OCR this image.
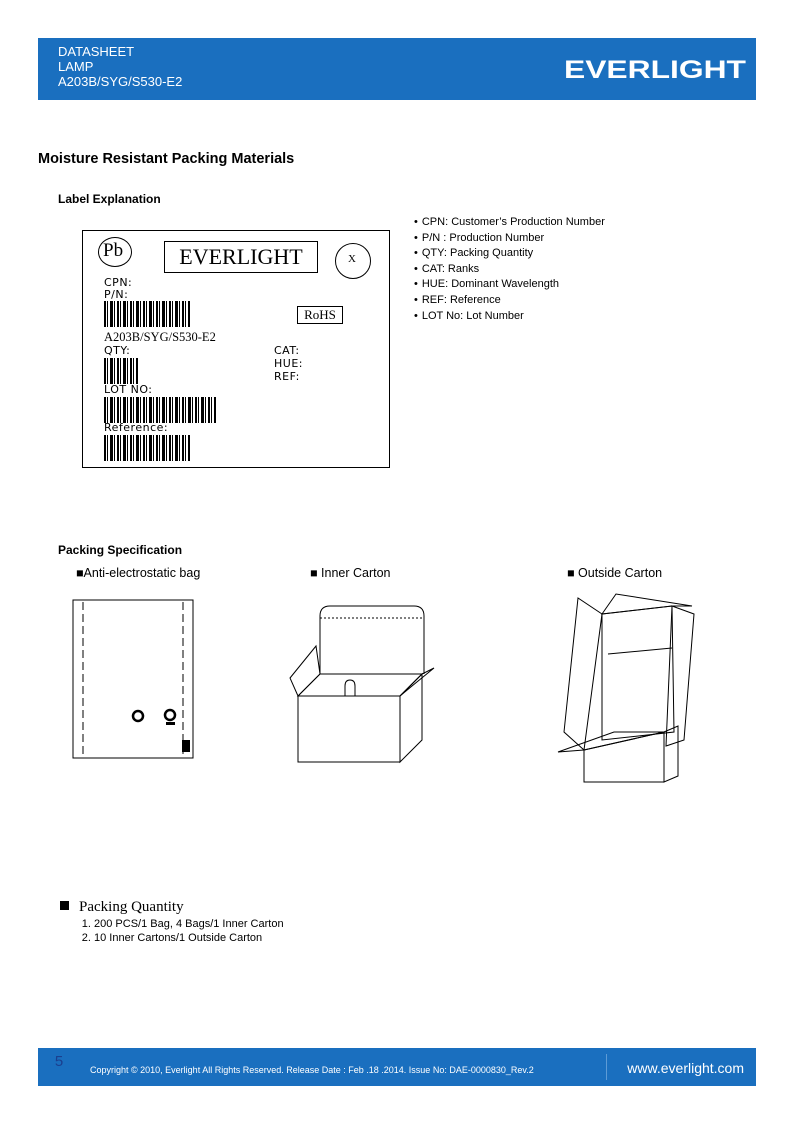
DATASHEET
LAMP
A203B/SYG/S530-E2	EVERLIGHT
Moisture Resistant Packing Materials
Label Explanation
Pb	EVERLIGHT	X
CPN:
P/N:
RoHS
A203B/SYG/S530-E2
QTY:	CAT:
HUE:
REF:
LOT NO:
Reference:
• CPN: Customer’s Production Number
• P/N : Production Number
• QTY: Packing Quantity
• CAT: Ranks
• HUE: Dominant Wavelength
• REF: Reference
• LOT No: Lot Number
Packing Specification
■Anti-electrostatic bag	■ Inner Carton	■ Outside Carton
Packing Quantity
1. 200 PCS/1 Bag, 4 Bags/1 Inner Carton
2. 10 Inner Cartons/1 Outside Carton
5	Copyright © 2010, Everlight All Rights Reserved. Release Date : Feb .18 .2014. Issue No: DAE-0000830_Rev.2	www.everlight.com
